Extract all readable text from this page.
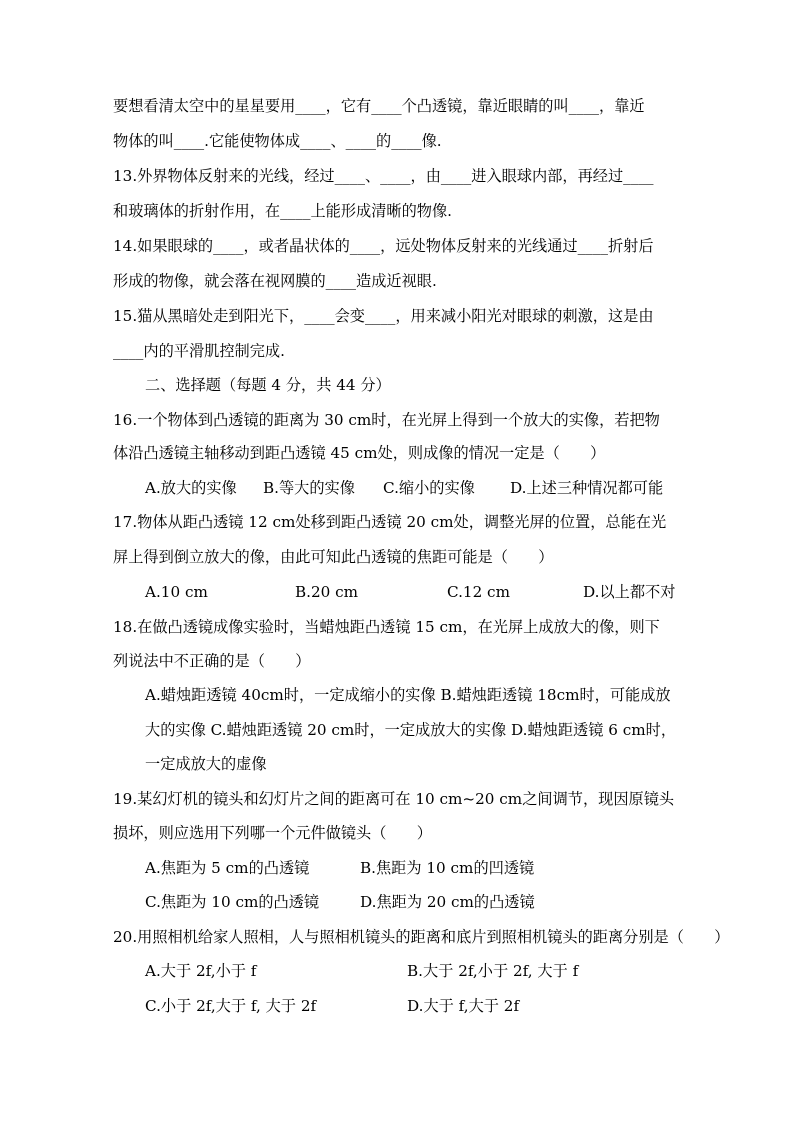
要想看清太空中的星星要用____，它有____个凸透镜，靠近眼睛的叫____，靠近
物体的叫____.它能使物体成____、____的____像.
13.外界物体反射来的光线，经过____、____，由____进入眼球内部，再经过____
和玻璃体的折射作用，在____上能形成清晰的物像.
14.如果眼球的____，或者晶状体的____，远处物体反射来的光线通过____折射后
形成的物像，就会落在视网膜的____造成近视眼.
15.猫从黑暗处走到阳光下，____会变____，用来减小阳光对眼球的刺激，这是由
____内的平滑肌控制完成.
二、选择题（每题 4 分，共 44 分）
16.一个物体到凸透镜的距离为 30 cm时，在光屏上得到一个放大的实像，若把物
体沿凸透镜主轴移动到距凸透镜 45 cm处，则成像的情况一定是（　　）
A.放大的实像 B.等大的实像 C.缩小的实像 D.上述三种情况都可能
17.物体从距凸透镜 12 cm处移到距凸透镜 20 cm处，调整光屏的位置，总能在光
屏上得到倒立放大的像，由此可知此凸透镜的焦距可能是（　　）
A.10 cm	B.20 cm	C.12 cm	D.以上都不对
18.在做凸透镜成像实验时，当蜡烛距凸透镜 15 cm，在光屏上成放大的像，则下
列说法中不正确的是（　　）
A.蜡烛距透镜 40cm时，一定成缩小的实像 B.蜡烛距透镜 18cm时，可能成放
大的实像 C.蜡烛距透镜 20 cm时，一定成放大的实像 D.蜡烛距透镜 6 cm时，
一定成放大的虚像
19.某幻灯机的镜头和幻灯片之间的距离可在 10 cm~20 cm之间调节，现因原镜头
损坏，则应选用下列哪一个元件做镜头（　　）
A.焦距为 5 cm的凸透镜	B.焦距为 10 cm的凹透镜
C.焦距为 10 cm的凸透镜	D.焦距为 20 cm的凸透镜
20.用照相机给家人照相，人与照相机镜头的距离和底片到照相机镜头的距离分别是（　　）
A.大于 2f,小于 f	B.大于 2f,小于 2f, 大于 f
C.小于 2f,大于 f, 大于 2f	D.大于 f,大于 2f
